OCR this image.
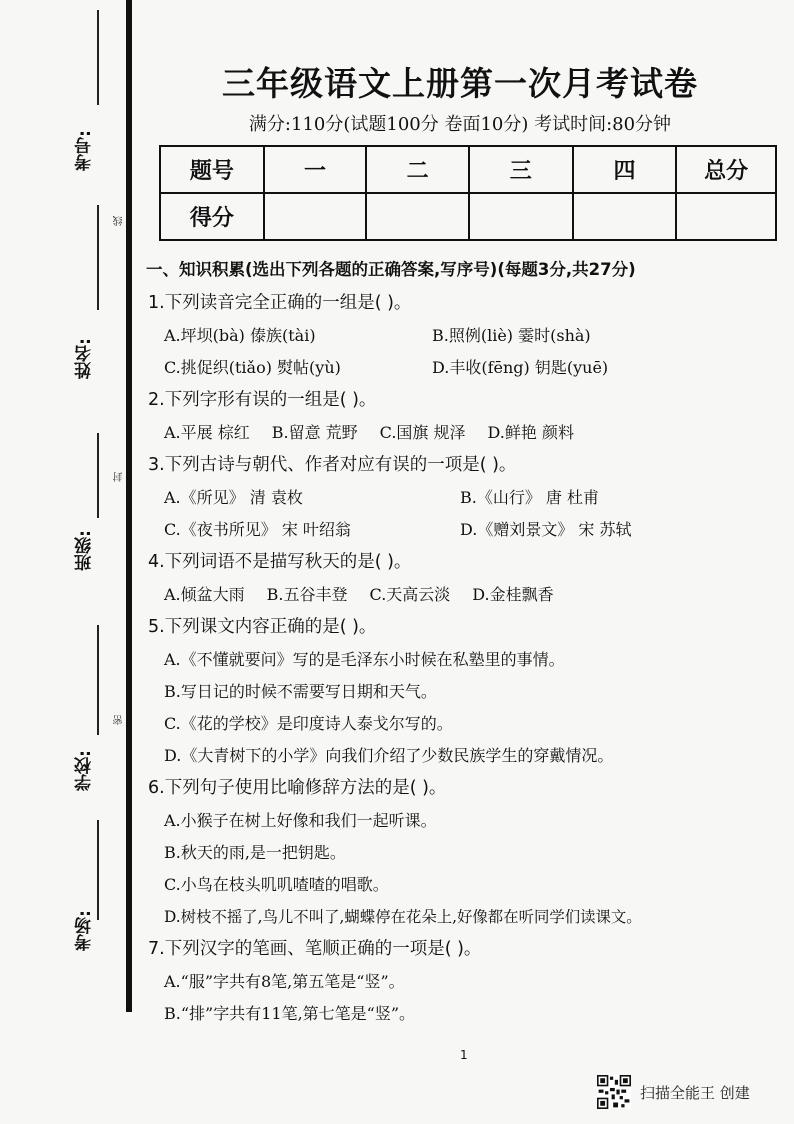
考号:
线
姓名:
封
班级:
密
学校:
考场:
三年级语文上册第一次月考试卷
满分:110分(试题100分 卷面10分) 考试时间:80分钟
题号	一	二	三	四	总分
得分					
一、知识积累(选出下列各题的正确答案,写序号)(每题3分,共27分)
1.下列读音完全正确的一组是( )。
A.坪坝(bà) 傣族(tài)	B.照例(liè) 霎时(shà)
C.挑促织(tiǎo) 熨帖(yù)	D.丰收(fēng) 钥匙(yuē)
2.下列字形有误的一组是( )。
A.平展 棕红 B.留意 荒野 C.国旗 规泽 D.鲜艳 颜料
3.下列古诗与朝代、作者对应有误的一项是( )。
A.《所见》 清 袁枚	B.《山行》 唐 杜甫
C.《夜书所见》 宋 叶绍翁	D.《赠刘景文》 宋 苏轼
4.下列词语不是描写秋天的是( )。
A.倾盆大雨 B.五谷丰登 C.天高云淡 D.金桂飘香
5.下列课文内容正确的是( )。
A.《不懂就要问》写的是毛泽东小时候在私塾里的事情。
B.写日记的时候不需要写日期和天气。
C.《花的学校》是印度诗人泰戈尔写的。
D.《大青树下的小学》向我们介绍了少数民族学生的穿戴情况。
6.下列句子使用比喻修辞方法的是( )。
A.小猴子在树上好像和我们一起听课。
B.秋天的雨,是一把钥匙。
C.小鸟在枝头叽叽喳喳的唱歌。
D.树枝不摇了,鸟儿不叫了,蝴蝶停在花朵上,好像都在听同学们读课文。
7.下列汉字的笔画、笔顺正确的一项是( )。
A.“服”字共有8笔,第五笔是“竖”。
B.“排”字共有11笔,第七笔是“竖”。
1
扫描全能王 创建
